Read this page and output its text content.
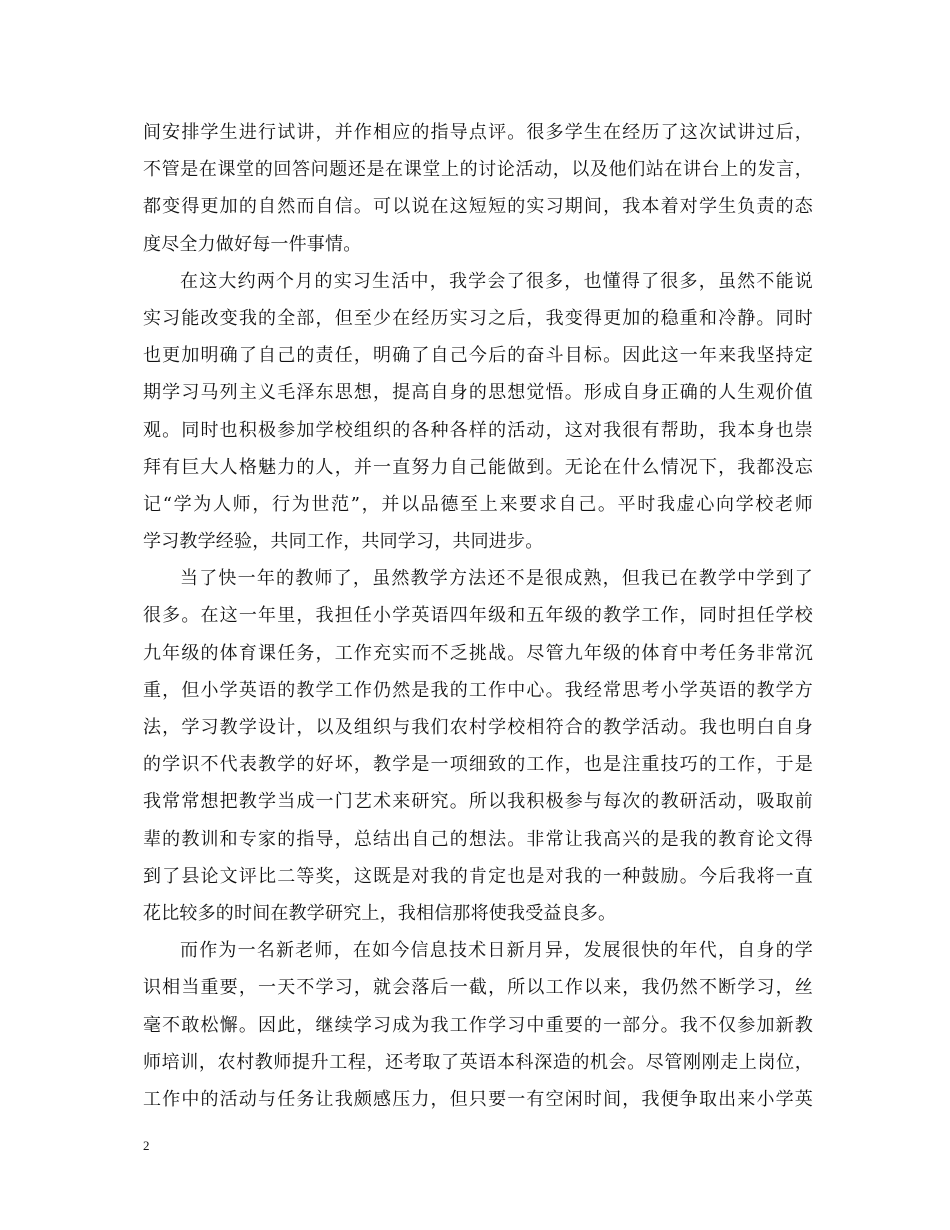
间安排学生进行试讲，并作相应的指导点评。很多学生在经历了这次试讲过后，
不管是在课堂的回答问题还是在课堂上的讨论活动，以及他们站在讲台上的发言，
都变得更加的自然而自信。可以说在这短短的实习期间，我本着对学生负责的态
度尽全力做好每一件事情。
在这大约两个月的实习生活中，我学会了很多，也懂得了很多，虽然不能说
实习能改变我的全部，但至少在经历实习之后，我变得更加的稳重和冷静。同时
也更加明确了自己的责任，明确了自己今后的奋斗目标。因此这一年来我坚持定
期学习马列主义毛泽东思想，提高自身的思想觉悟。形成自身正确的人生观价值
观。同时也积极参加学校组织的各种各样的活动，这对我很有帮助，我本身也崇
拜有巨大人格魅力的人，并一直努力自己能做到。无论在什么情况下，我都没忘
记“学为人师，行为世范”，并以品德至上来要求自己。平时我虚心向学校老师
学习教学经验，共同工作，共同学习，共同进步。
当了快一年的教师了，虽然教学方法还不是很成熟，但我已在教学中学到了
很多。在这一年里，我担任小学英语四年级和五年级的教学工作，同时担任学校
九年级的体育课任务，工作充实而不乏挑战。尽管九年级的体育中考任务非常沉
重，但小学英语的教学工作仍然是我的工作中心。我经常思考小学英语的教学方
法，学习教学设计，以及组织与我们农村学校相符合的教学活动。我也明白自身
的学识不代表教学的好坏，教学是一项细致的工作，也是注重技巧的工作，于是
我常常想把教学当成一门艺术来研究。所以我积极参与每次的教研活动，吸取前
辈的教训和专家的指导，总结出自己的想法。非常让我高兴的是我的教育论文得
到了县论文评比二等奖，这既是对我的肯定也是对我的一种鼓励。今后我将一直
花比较多的时间在教学研究上，我相信那将使我受益良多。
而作为一名新老师，在如今信息技术日新月异，发展很快的年代，自身的学
识相当重要，一天不学习，就会落后一截，所以工作以来，我仍然不断学习，丝
毫不敢松懈。因此，继续学习成为我工作学习中重要的一部分。我不仅参加新教
师培训，农村教师提升工程，还考取了英语本科深造的机会。尽管刚刚走上岗位，
工作中的活动与任务让我颇感压力，但只要一有空闲时间，我便争取出来小学英
2
